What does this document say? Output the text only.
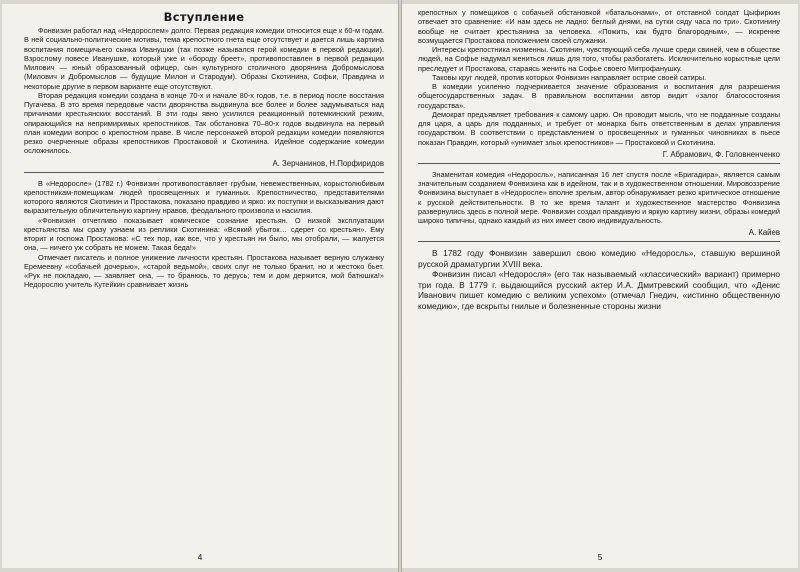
Вступление

Фонвизин работал над «Недорослем» долго. Первая редакция комедии относится еще к 60-м годам. В ней социально-политические мотивы, тема крепостного гнета еще отсутствует и дается лишь картина воспитания помещичьего сынка Иванушки (так позже назывался герой комедии в первой редакции). Взрослому повесе Иванушке, который уже и «бороду бреет», противопоставлен в первой редакции Милович — юный образованный офицер, сын культурного столичного дворянина Добромыслова (Милович и Добромыслов — будущие Милон и Стародум). Образы Скотинина, Софьи, Правдина и некоторые другие в первом варианте еще отсутствуют.

Вторая редакция комедии создана в конце 70-х и начале 80-х годов, т.е. в период после восстания Пугачева. В это время передовые части дворянства выдвинула все более и более задумываться над причинами крестьянских восстаний. В эти годы явно усилился реакционный потемкинский режим, опирающийся на непримиримых крепостников. Так обстановка 70–80-х годов выдвинула на первый план комедии вопрос о крепостном праве. В числе персонажей второй редакции комедии появляются резко очерченные образы крепостников Простаковой и Скотинина. Идейное содержание комедии осложнилось.

А. Зерчанинов, Н.Порфиридов

В «Недоросле» (1782 г.) Фонвизин противопоставляет грубым, невежественным, корыстолюбивым крепостникам-помещикам людей просвещенных и гуманных. Крепостничество, представителями которого являются Скотинин и Простакова, показано правдиво и ярко: их поступки и высказывания дают выразительную обличительную картину нравов, феодального произвола и насилия.

«Фонвизин отчетливо показывает комическое сознание крестьян. О низкой эксплуатации крестьянства мы сразу узнаем из реплики Скотинина: «Всякий убыток… сдерет со крестьян». Ему вторит и госпожа Простакова: «С тех пор, как все, что у крестьян ни было, мы отобрали, — жалуется она, — ничего уж собрать не можем. Такая беда!»

Отмечает писатель и полное унижение личности крестьян. Простакова называет верную служанку Еремеевну «собачьей дочерью», «старой ведьмой», своих слуг не только бранит, но и жестоко бьет. «Рук не покладаю, — заявляет она, — то бранюсь, то дерусь; тем и дом держится, мой батюшка!» Недорослю учитель Кутейкин сравнивает жизнь

4

крепостных у помещиков с собачьей обстановкой «батальонами», от отставной солдат Цыфиркин отвечает это сравнение: «И нам здесь не ладно: беглый днями, на сутки сяду часа по три». Скотинину вообще не считает крестьянина за человека. «Пожить, как будто благородным», — искренне возмущается Простакова положением своей служанки.

Интересы крепостника низменны. Скотинин, чувствующий себя лучше среди свиней, чем в обществе людей, на Софье надумал жениться лишь для того, чтобы разбогатеть. Исключительно корыстные цели преследует и Простакова, стараясь женить на Софье своего Митрофанушку.

Таковы круг людей, против которых Фонвизин направляет острие своей сатиры.

В комедии усиленно подчеркивается значение образования и воспитания для разрешения общегосударственных задач. В правильном воспитании автор видит «залог благосостояния государства».

Демократ предъявляет требования к самому царю. Он проводит мысль, что не подданные созданы для царя, а царь для подданных, и требует от монарха быть ответственным в делах управления государством. В соответствии с представлением о просвещенных и гуманных чиновниках в пьесе показан Правдин, который «унимает злых крепостников» — Простаковой и Скотинина.

Г. Абрамович, Ф. Головненченко

Знаменитая комедия «Недоросль», написанная 16 лет спустя после «Бригадира», является самым значительным созданием Фонвизина как в идейном, так и в художественном отношении. Мировоззрение Фонвизина выступает в «Недоросле» вполне зрелым, автор обнаруживает резко критическое отношение к русской действительности. В то же время талант и художественное мастерство Фонвизина развернулись здесь в полной мере. Фонвизин создал правдивую и яркую картину жизни, образы комедий широко типичны, однако каждый из них имеет свою индивидуальность.

А. Кайев

В 1782 году Фонвизин завершил свою комедию «Недоросль», ставшую вершиной русской драматургии XVIII века.

Фонвизин писал «Недоросля» (его так называемый «классический» вариант) примерно три года. В 1779 г. выдающийся русский актер И.А. Дмитревский сообщил, что «Денис Иванович пишет комедию с великим успехом» (отмечал Гнедич, «истинно общественную комедию», где вскрыты гнилые и болезненные стороны жизни

5
